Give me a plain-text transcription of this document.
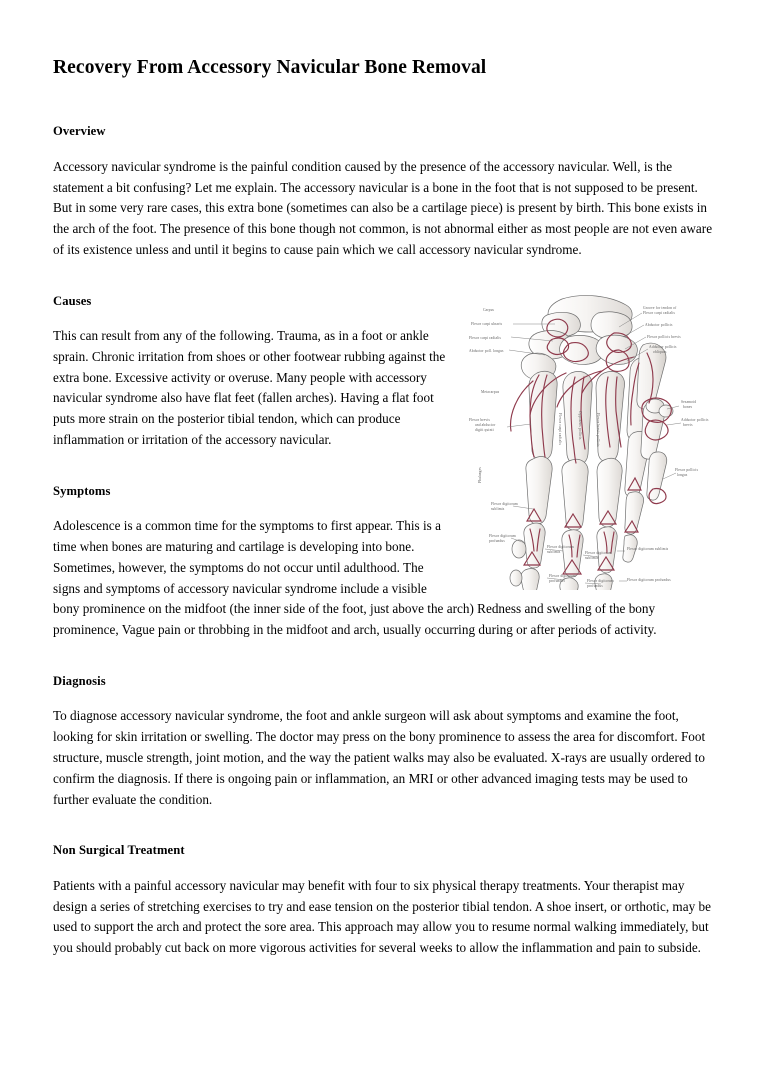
Recovery From Accessory Navicular Bone Removal
Overview

Accessory navicular syndrome is the painful condition caused by the presence of the accessory navicular. Well, is the statement a bit confusing? Let me explain. The accessory navicular is a bone in the foot that is not supposed to be present. But in some very rare cases, this extra bone (sometimes can also be a cartilage piece) is present by birth. This bone exists in the arch of the foot. The presence of this bone though not common, is not abnormal either as most people are not even aware of its existence unless and until it begins to cause pain which we call accessory navicular syndrome.

Carpus
Flexor carpi ulnaris
Flexor carpi radialis
Abductor poll. longus
Metacarpus
Flexor brevis
and abductor
digiti quinti
Flexor digitorum
sublimis
Flexor digitorum
profundus
Flexor digitorum
sublimis
Flexor digitorum
profundus
Flexor digitorum
sublimis
Flexor digitorum
profundus
Groove for tendon of
Flexor carpi radialis
Abductor pollicis
Flexor pollicis brevis
Adductor pollicis
obliquus
Sesamoid
bones
Adductor pollicis
brevis
Flexor pollicis
longus
Flexor digitorum sublimis
Flexor digitorum profundus
Flexor carpi radialis	Opponens pollicis	Flexor brevis pollicis
Phalanges
Causes

This can result from any of the following. Trauma, as in a foot or ankle sprain. Chronic irritation from shoes or other footwear rubbing against the extra bone. Excessive activity or overuse. Many people with accessory navicular syndrome also have flat feet (fallen arches). Having a flat foot puts more strain on the posterior tibial tendon, which can produce inflammation or irritation of the accessory navicular.

Symptoms

Adolescence is a common time for the symptoms to first appear. This is a time when bones are maturing and cartilage is developing into bone. Sometimes, however, the symptoms do not occur until adulthood. The signs and symptoms of accessory navicular syndrome include a visible bony prominence on the midfoot (the inner side of the foot, just above the arch) Redness and swelling of the bony prominence, Vague pain or throbbing in the midfoot and arch, usually occurring during or after periods of activity.

Diagnosis

To diagnose accessory navicular syndrome, the foot and ankle surgeon will ask about symptoms and examine the foot, looking for skin irritation or swelling. The doctor may press on the bony prominence to assess the area for discomfort. Foot structure, muscle strength, joint motion, and the way the patient walks may also be evaluated. X-rays are usually ordered to confirm the diagnosis. If there is ongoing pain or inflammation, an MRI or other advanced imaging tests may be used to further evaluate the condition.

Non Surgical Treatment

Patients with a painful accessory navicular may benefit with four to six physical therapy treatments. Your therapist may design a series of stretching exercises to try and ease tension on the posterior tibial tendon. A shoe insert, or orthotic, may be used to support the arch and protect the sore area. This approach may allow you to resume normal walking immediately, but you should probably cut back on more vigorous activities for several weeks to allow the inflammation and pain to subside.
